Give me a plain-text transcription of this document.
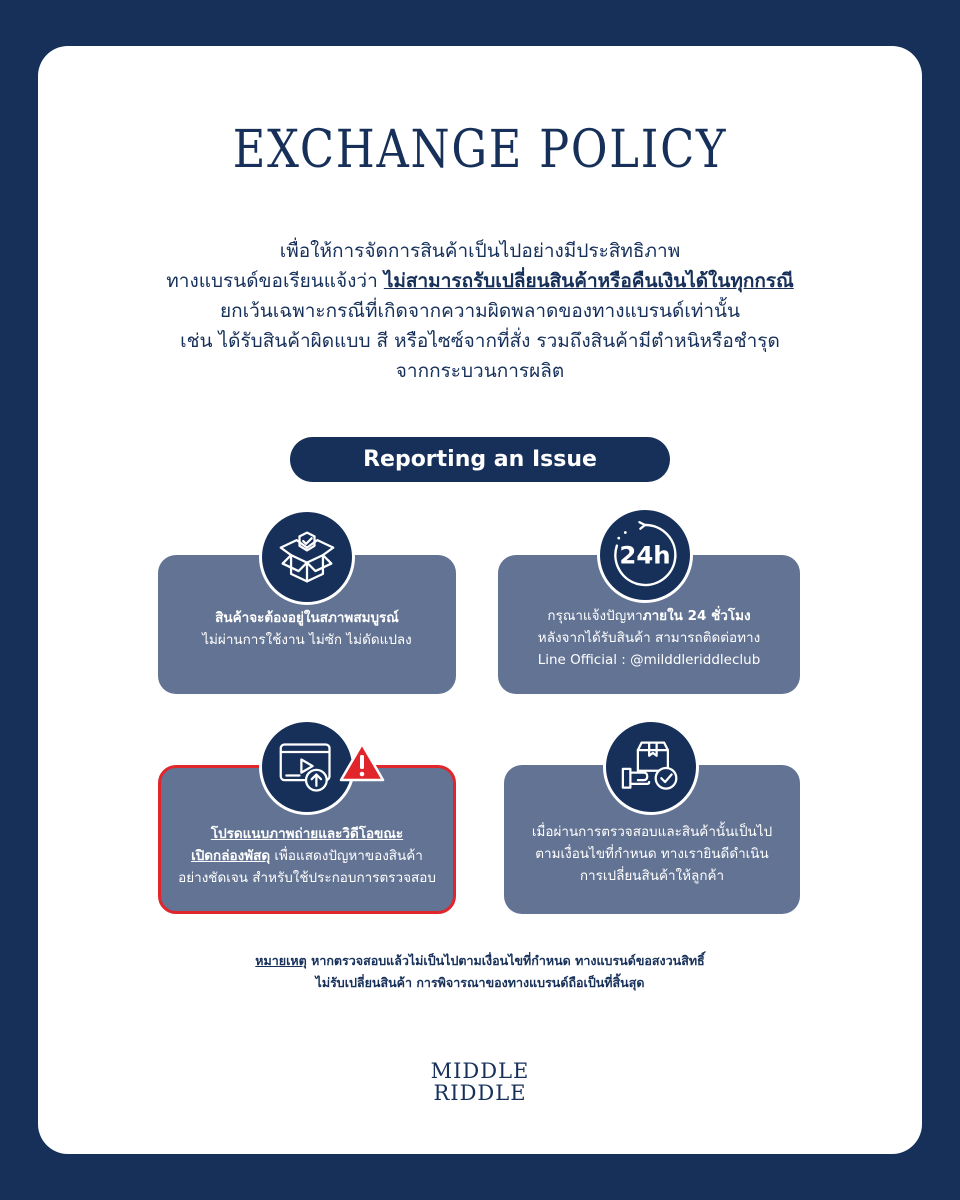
EXCHANGE POLICY
เพื่อให้การจัดการสินค้าเป็นไปอย่างมีประสิทธิภาพ
ทางแบรนด์ขอเรียนแจ้งว่า ไม่สามารถรับเปลี่ยนสินค้าหรือคืนเงินได้ในทุกกรณี
ยกเว้นเฉพาะกรณีที่เกิดจากความผิดพลาดของทางแบรนด์เท่านั้น
เช่น ได้รับสินค้าผิดแบบ สี หรือไซซ์จากที่สั่ง รวมถึงสินค้ามีตำหนิหรือชำรุด
จากกระบวนการผลิต
Reporting an Issue
สินค้าจะต้องอยู่ในสภาพสมบูรณ์
ไม่ผ่านการใช้งาน ไม่ซัก ไม่ดัดแปลง
กรุณาแจ้งปัญหาภายใน 24 ชั่วโมง
หลังจากได้รับสินค้า สามารถติดต่อทาง
Line Official : @milddleriddleclub
24h
โปรดแนบภาพถ่ายและวิดีโอขณะ
เปิดกล่องพัสดุ เพื่อแสดงปัญหาของสินค้า
อย่างชัดเจน สำหรับใช้ประกอบการตรวจสอบ
เมื่อผ่านการตรวจสอบและสินค้านั้นเป็นไป
ตามเงื่อนไขที่กำหนด ทางเรายินดีดำเนิน
การเปลี่ยนสินค้าให้ลูกค้า
หมายเหตุ หากตรวจสอบแล้วไม่เป็นไปตามเงื่อนไขที่กำหนด ทางแบรนด์ขอสงวนสิทธิ์
ไม่รับเปลี่ยนสินค้า การพิจารณาของทางแบรนด์ถือเป็นที่สิ้นสุด
MIDDLE
RIDDLE
